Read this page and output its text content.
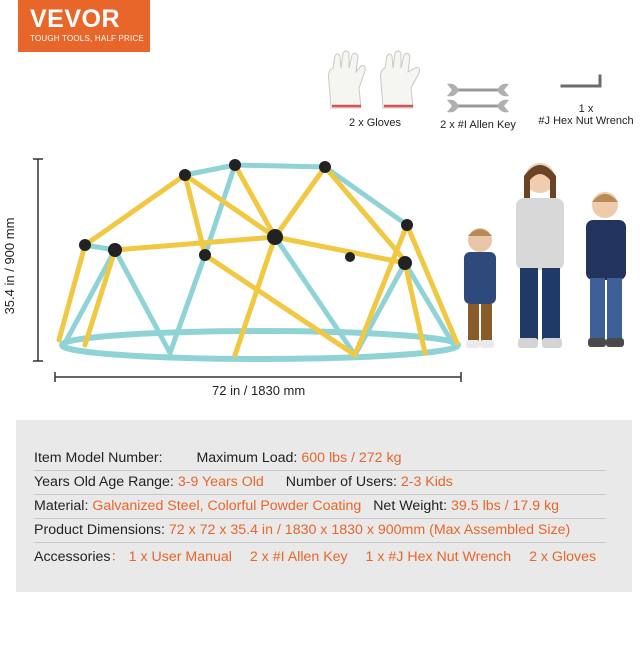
VEVOR
TOUGH TOOLS, HALF PRICE
2 x Gloves	2 x #I Allen Key
1 x
#J Hex Nut Wrench
35.4 in / 900 mm
72 in / 1830 mm
Item Model Number: Maximum Load: 600 lbs / 272 kg
Years Old Age Range: 3-9 Years Old Number of Users: 2-3 Kids
Material: Galvanized Steel, Colorful Powder Coating Net Weight: 39.5 lbs / 17.9 kg
Product Dimensions: 72 x 72 x 35.4 in / 1830 x 1830 x 900mm (Max Assembled Size)
Accessories： 1 x User Manual 2 x #I Allen Key 1 x #J Hex Nut Wrench 2 x Gloves
